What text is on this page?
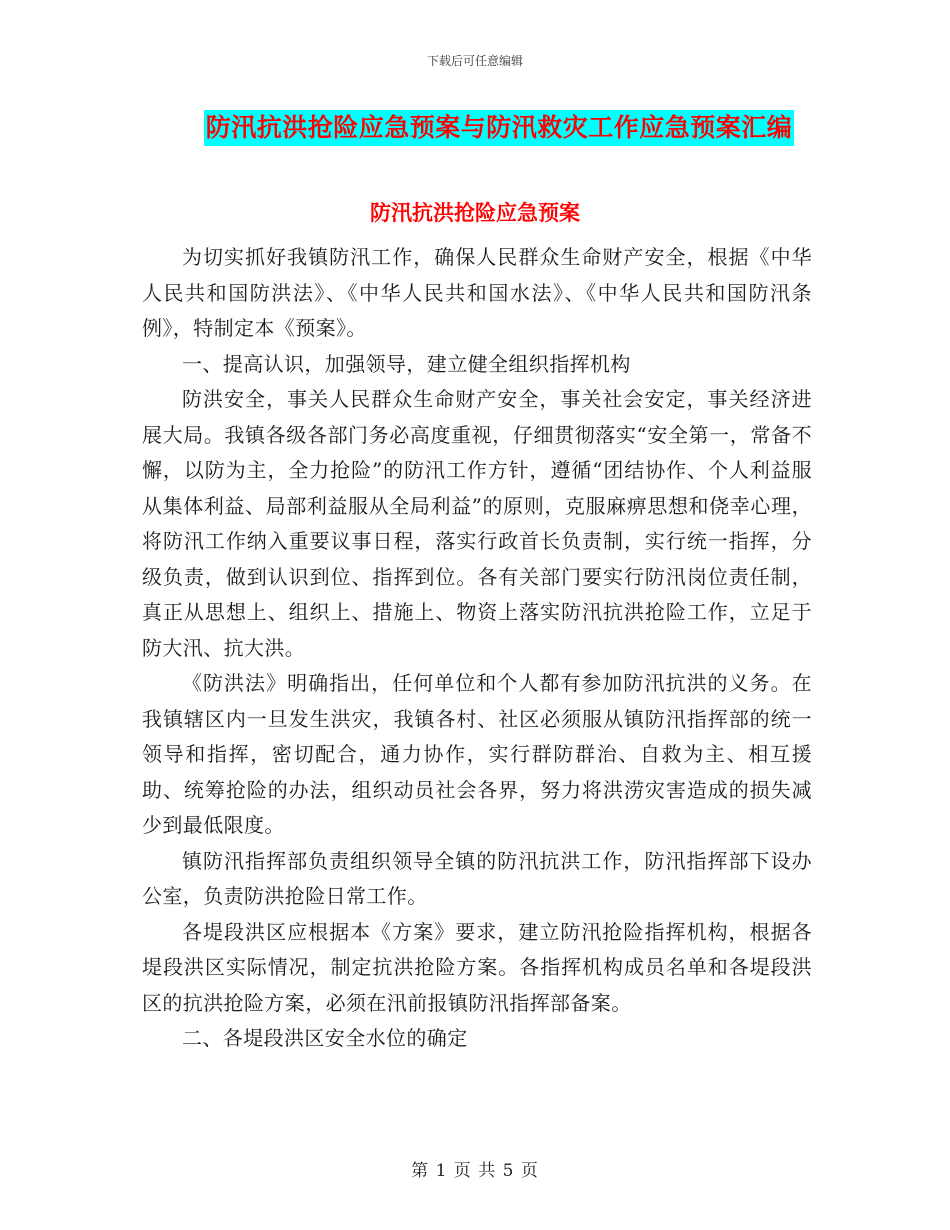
下载后可任意编辑
防汛抗洪抢险应急预案与防汛救灾工作应急预案汇编
防汛抗洪抢险应急预案

为切实抓好我镇防汛工作，确保人民群众生命财产安全，根据《中华人民共和国防洪法》、《中华人民共和国水法》、《中华人民共和国防汛条例》，特制定本《预案》。

一、提高认识，加强领导，建立健全组织指挥机构

防洪安全，事关人民群众生命财产安全，事关社会安定，事关经济进展大局。我镇各级各部门务必高度重视，仔细贯彻落实“安全第一，常备不懈，以防为主，全力抢险”的防汛工作方针，遵循“团结协作、个人利益服从集体利益、局部利益服从全局利益”的原则，克服麻痹思想和侥幸心理，将防汛工作纳入重要议事日程，落实行政首长负责制，实行统一指挥，分级负责，做到认识到位、指挥到位。各有关部门要实行防汛岗位责任制，真正从思想上、组织上、措施上、物资上落实防汛抗洪抢险工作，立足于防大汛、抗大洪。

《防洪法》明确指出，任何单位和个人都有参加防汛抗洪的义务。在我镇辖区内一旦发生洪灾，我镇各村、社区必须服从镇防汛指挥部的统一领导和指挥，密切配合，通力协作，实行群防群治、自救为主、相互援助、统筹抢险的办法，组织动员社会各界，努力将洪涝灾害造成的损失减少到最低限度。

镇防汛指挥部负责组织领导全镇的防汛抗洪工作，防汛指挥部下设办公室，负责防洪抢险日常工作。

各堤段洪区应根据本《方案》要求，建立防汛抢险指挥机构，根据各堤段洪区实际情况，制定抗洪抢险方案。各指挥机构成员名单和各堤段洪区的抗洪抢险方案，必须在汛前报镇防汛指挥部备案。

二、各堤段洪区安全水位的确定

第 1 页 共 5 页
